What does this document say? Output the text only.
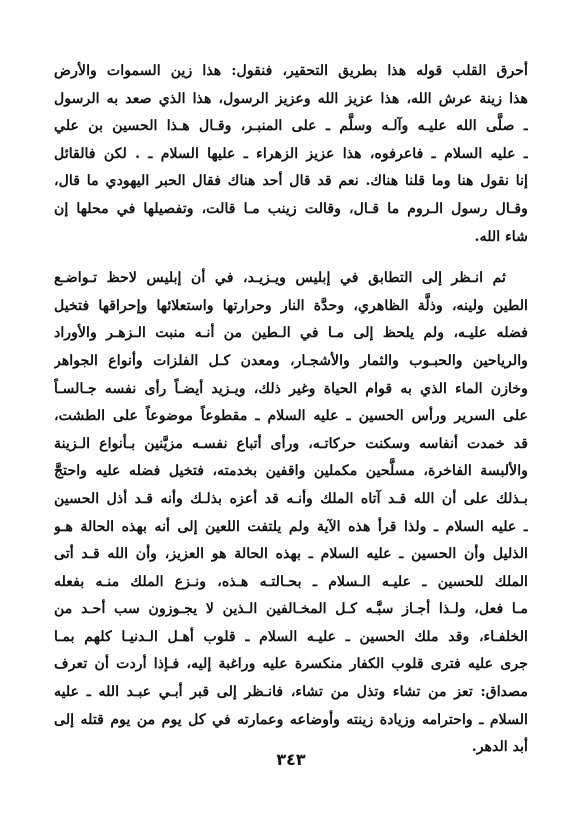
أحرق القلب قوله هذا بطريق التحقير، فنقول: هذا زين السموات والأرض
هذا زينة عرش الله، هذا عزيز الله وعزيز الرسول، هذا الذي صعد به الرسول
ـ صلَّى الله عليـه وآلـه وسلَّم ـ على المنبـر، وقـال هـذا الحسين بن علي
ـ عليه السلام ـ فاعرفوه، هذا عزيز الزهراء ـ عليها السلام ـ . لكن فالقائل
إنا نقول هنا وما قلنا هناك. نعم قد قال أحد هناك فقال الحبر اليهودي ما قال،
وقـال رسول الـروم ما قـال، وقالت زينب مـا قالت، وتفصيلها في محلها إن
شاء الله.
ثم انـظر إلى التطابق في إبليس ويـزيـد، في أن إبليس لاحظ تـواضـع
الطين ولينه، وذلَّة الظاهري، وحدَّة النار وحرارتها واستعلائها وإحراقها فتخيل
فضله عليـه، ولم يلحظ إلى مـا في الـطين من أنـه منبت الـزهـر والأوراد
والرياحين والحبـوب والثمار والأشجـار، ومعدن كـل الفلزات وأنواع الجواهر
وخازن الماء الذي به قوام الحياة وغير ذلك، ويـزيد أيضـاً رأى نفسه جـالسـاً
على السرير ورأس الحسين ـ عليه السلام ـ مقطوعاً موضوعاً على الطشت،
قد خمدت أنفاسه وسكنت حركاتـه، ورأى أتباع نفسـه مزيَّنين بـأنواع الـزينة
والألبسة الفاخرة، مسلَّحين مكملين واقفين بخدمته، فتخيل فضله عليه واحتجَّ
بـذلك على أن الله قـد آتاه الملك وأنـه قد أعزه بذلـك وأنه قـد أذل الحسين
ـ عليه السلام ـ ولذا قرأ هذه الآية ولم يلتفت اللعين إلى أنه بهذه الحالة هـو
الذليل وأن الحسين ـ عليه السلام ـ بهذه الحالة هو العزيز، وأن الله قـد أتى
الملك للحسين ـ عليـه الـسلام ـ بحـالتـه هـذه، ونـزع الملك منـه بفعله
مـا فعل، ولـذا أجـاز سبَّـه كـل المخـالفين الـذين لا يجـوزون سب أحـد من
الخلفـاء، وقد ملك الحسين ـ عليـه السلام ـ قلوب أهـل الـدنيـا كلهم بمـا
جرى عليه فترى قلوب الكفار منكسرة عليه وراغبة إليه، فـإذا أردت أن تعرف
مصداق: تعز من تشاء وتذل من تشاء، فانـظر إلى قبر أبـي عبـد الله ـ عليه
السلام ـ واحترامه وزيادة زينته وأوضاعه وعمارته في كل يوم من يوم قتله إلى
أبد الدهر.
٣٤٣
